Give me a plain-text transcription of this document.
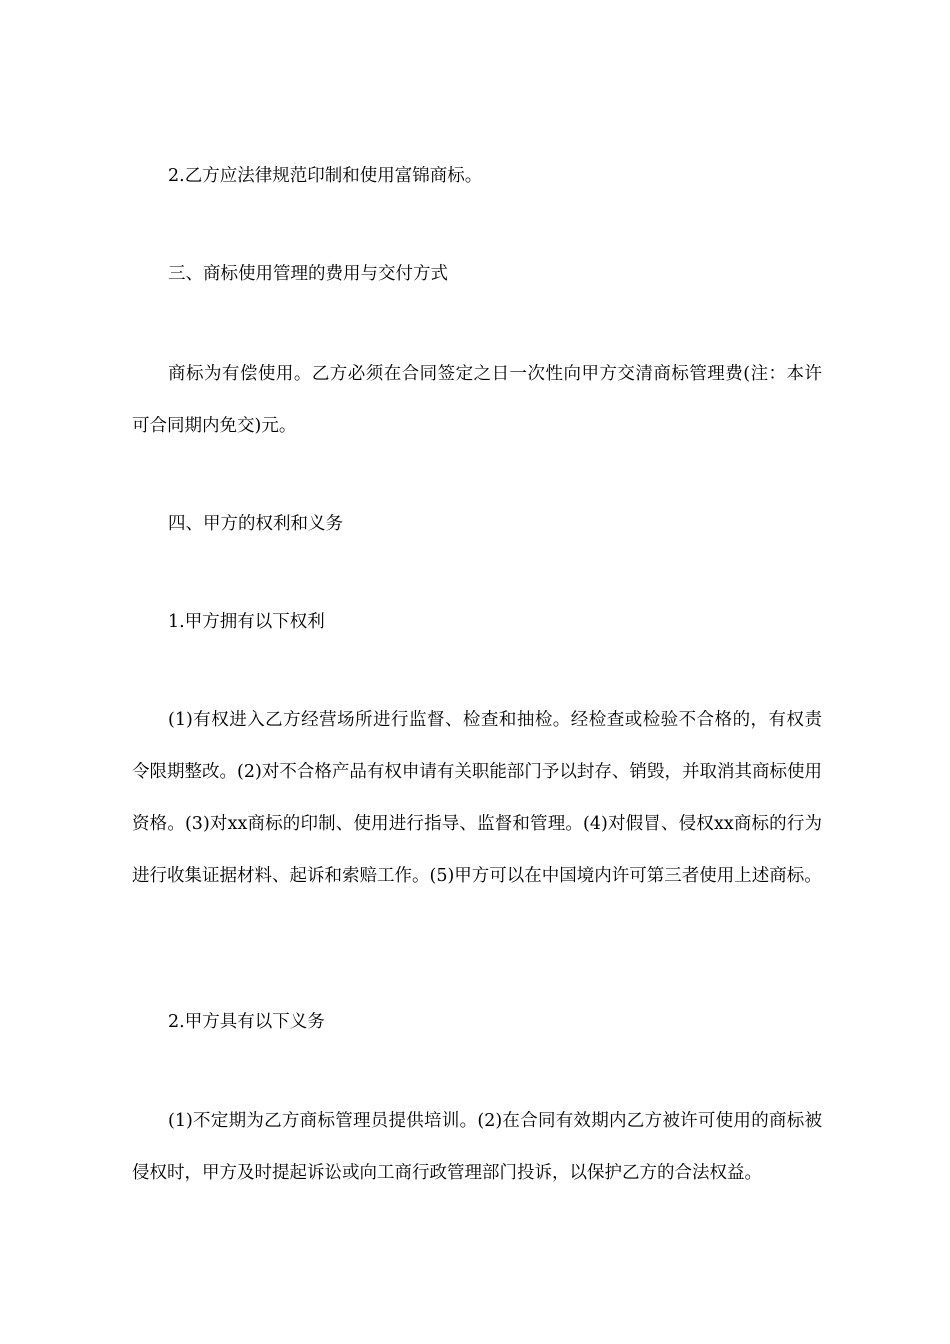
2.乙方应法律规范印制和使用富锦商标。

三、商标使用管理的费用与交付方式

商标为有偿使用。乙方必须在合同签定之日一次性向甲方交清商标管理费(注：本许可合同期内免交)元。

四、甲方的权利和义务

1.甲方拥有以下权利

(1)有权进入乙方经营场所进行监督、检查和抽检。经检查或检验不合格的，有权责令限期整改。(2)对不合格产品有权申请有关职能部门予以封存、销毁，并取消其商标使用资格。(3)对xx商标的印制、使用进行指导、监督和管理。(4)对假冒、侵权xx商标的行为进行收集证据材料、起诉和索赔工作。(5)甲方可以在中国境内许可第三者使用上述商标。

2.甲方具有以下义务

(1)不定期为乙方商标管理员提供培训。(2)在合同有效期内乙方被许可使用的商标被侵权时，甲方及时提起诉讼或向工商行政管理部门投诉，以保护乙方的合法权益。
